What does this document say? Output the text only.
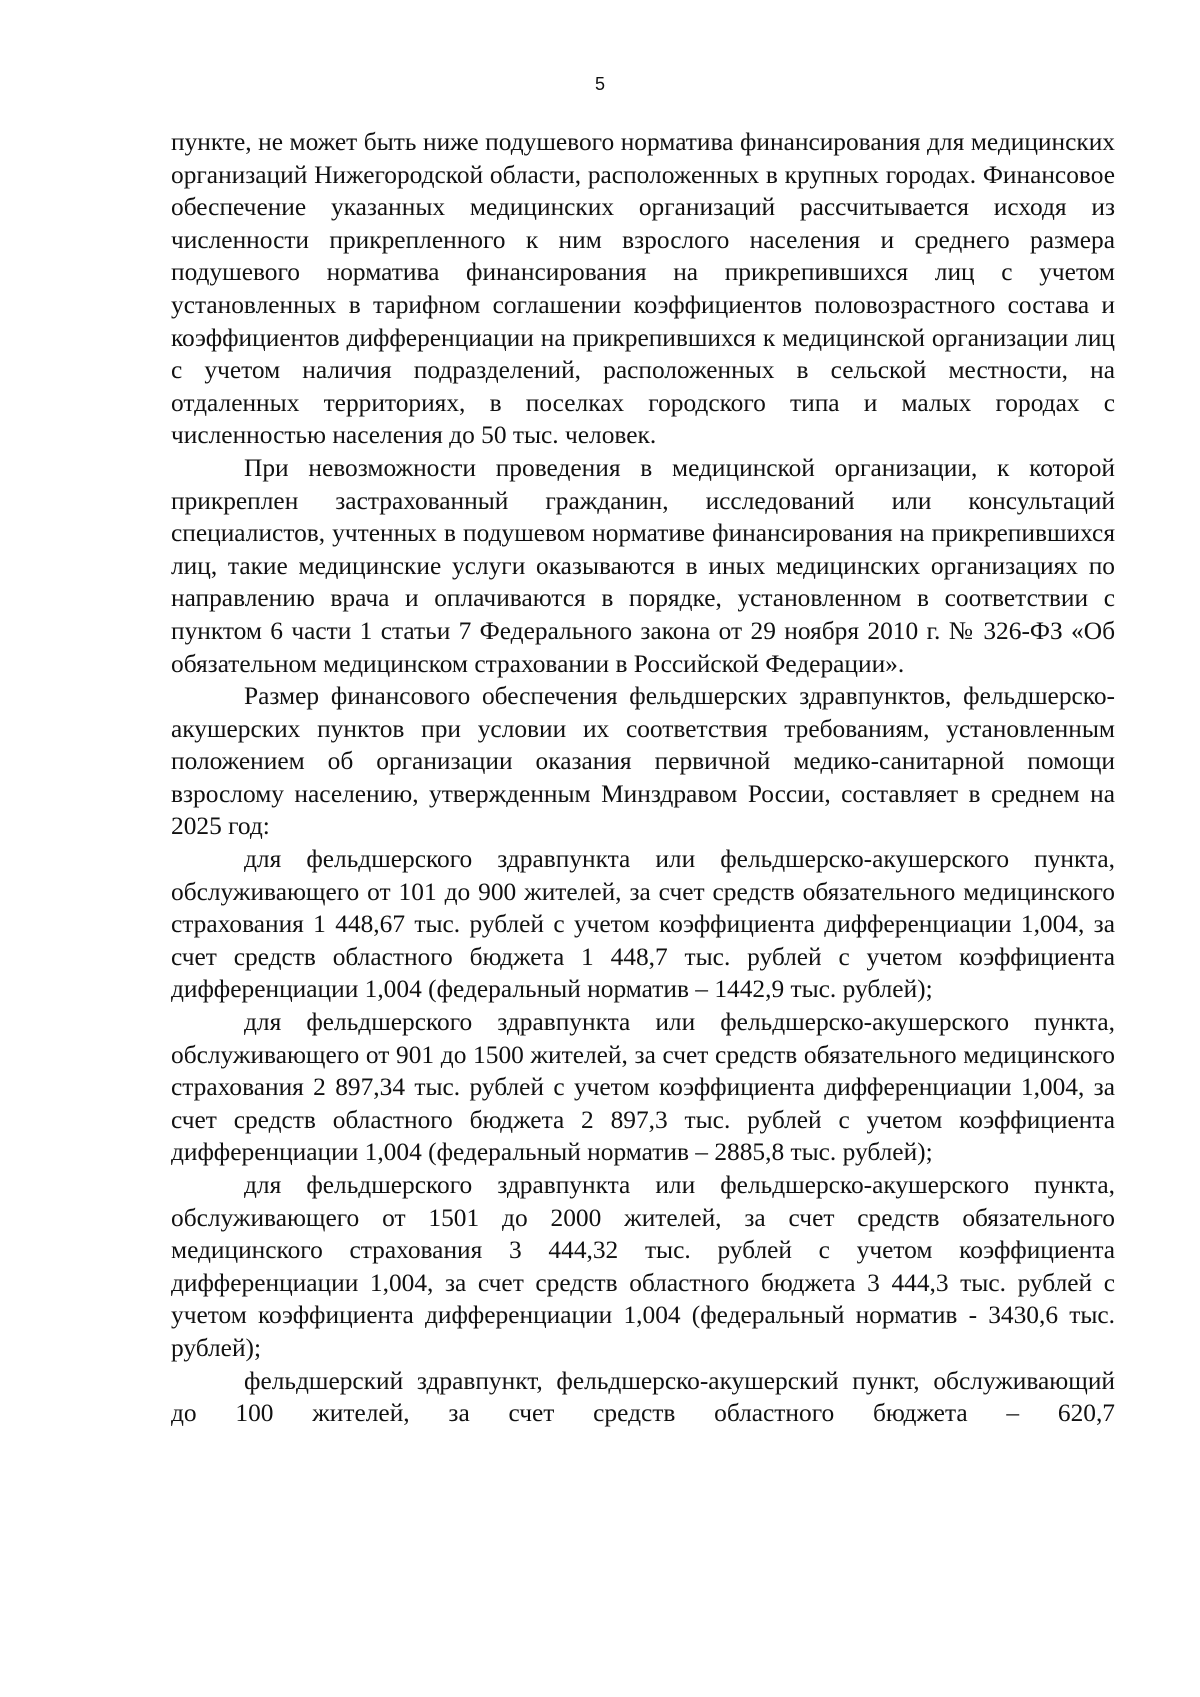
5

пункте, не может быть ниже подушевого норматива финансирования для медицинских организаций Нижегородской области, расположенных в крупных городах. Финансовое обеспечение указанных медицинских организаций рассчитывается исходя из численности прикрепленного к ним взрослого населения и среднего размера подушевого норматива финансирования на прикрепившихся лиц с учетом установленных в тарифном соглашении коэффициентов половозрастного состава и коэффициентов дифференциации на прикрепившихся к медицинской организации лиц с учетом наличия подразделений, расположенных в сельской местности, на отдаленных территориях, в поселках городского типа и малых городах с численностью населения до 50 тыс. человек.

При невозможности проведения в медицинской организации, к которой прикреплен застрахованный гражданин, исследований или консультаций специалистов, учтенных в подушевом нормативе финансирования на прикрепившихся лиц, такие медицинские услуги оказываются в иных медицинских организациях по направлению врача и оплачиваются в порядке, установленном в соответствии с пунктом 6 части 1 статьи 7 Федерального закона от 29 ноября 2010 г. № 326-ФЗ «Об обязательном медицинском страховании в Российской Федерации».

Размер финансового обеспечения фельдшерских здравпунктов, фельдшерско-акушерских пунктов при условии их соответствия требованиям, установленным положением об организации оказания первичной медико-санитарной помощи взрослому населению, утвержденным Минздравом России, составляет в среднем на 2025 год:

для фельдшерского здравпункта или фельдшерско-акушерского пункта, обслуживающего от 101 до 900 жителей, за счет средств обязательного медицинского страхования 1 448,67 тыс. рублей с учетом коэффициента дифференциации 1,004, за счет средств областного бюджета 1 448,7 тыс. рублей с учетом коэффициента дифференциации 1,004 (федеральный норматив – 1442,9 тыс. рублей);

для фельдшерского здравпункта или фельдшерско-акушерского пункта, обслуживающего от 901 до 1500 жителей, за счет средств обязательного медицинского страхования 2 897,34 тыс. рублей с учетом коэффициента дифференциации 1,004, за счет средств областного бюджета 2 897,3 тыс. рублей с учетом коэффициента дифференциации 1,004 (федеральный норматив – 2885,8 тыс. рублей);

для фельдшерского здравпункта или фельдшерско-акушерского пункта, обслуживающего от 1501 до 2000 жителей, за счет средств обязательного медицинского страхования 3 444,32 тыс. рублей с учетом коэффициента дифференциации 1,004, за счет средств областного бюджета 3 444,3 тыс. рублей с учетом коэффициента дифференциации 1,004 (федеральный норматив - 3430,6 тыс. рублей);

фельдшерский здравпункт, фельдшерско-акушерский пункт, обслуживающий до 100 жителей, за счет средств областного бюджета – 620,7
